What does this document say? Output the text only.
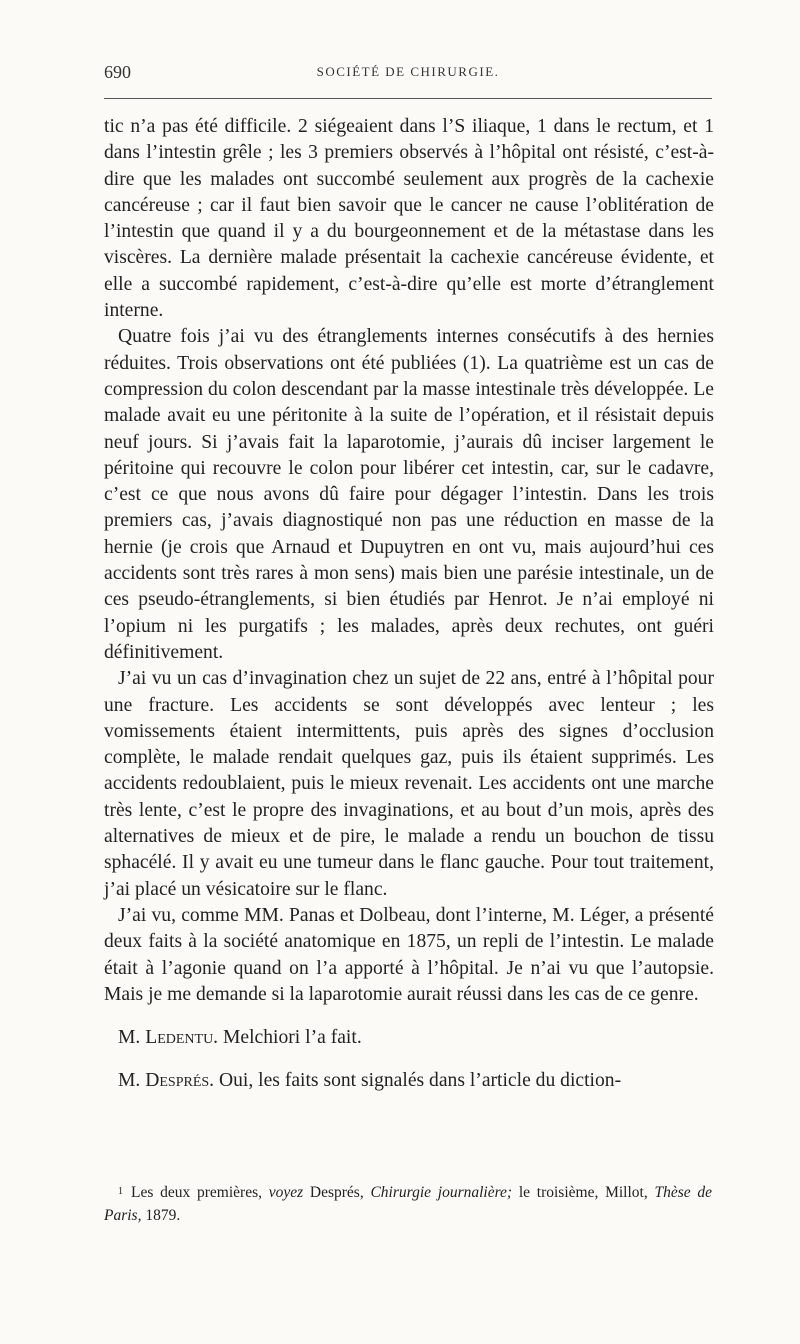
690	SOCIÉTÉ DE CHIRURGIE.

tic n’a pas été difficile. 2 siégeaient dans l’S iliaque, 1 dans le rectum, et 1 dans l’intestin grêle ; les 3 premiers observés à l’hôpital ont résisté, c’est-à-dire que les malades ont succombé seulement aux progrès de la cachexie cancéreuse ; car il faut bien savoir que le cancer ne cause l’oblitération de l’intestin que quand il y a du bourgeonnement et de la métastase dans les viscères. La dernière malade présentait la cachexie cancéreuse évidente, et elle a succombé rapidement, c’est-à-dire qu’elle est morte d’étranglement interne.

Quatre fois j’ai vu des étranglements internes consécutifs à des hernies réduites. Trois observations ont été publiées (1). La quatrième est un cas de compression du colon descendant par la masse intestinale très développée. Le malade avait eu une péritonite à la suite de l’opération, et il résistait depuis neuf jours. Si j’avais fait la laparotomie, j’aurais dû inciser largement le péritoine qui recouvre le colon pour libérer cet intestin, car, sur le cadavre, c’est ce que nous avons dû faire pour dégager l’intestin. Dans les trois premiers cas, j’avais diagnostiqué non pas une réduction en masse de la hernie (je crois que Arnaud et Dupuytren en ont vu, mais aujourd’hui ces accidents sont très rares à mon sens) mais bien une parésie intestinale, un de ces pseudo-étranglements, si bien étudiés par Henrot. Je n’ai employé ni l’opium ni les purgatifs ; les malades, après deux rechutes, ont guéri définitivement.

J’ai vu un cas d’invagination chez un sujet de 22 ans, entré à l’hôpital pour une fracture. Les accidents se sont développés avec lenteur ; les vomissements étaient intermittents, puis après des signes d’occlusion complète, le malade rendait quelques gaz, puis ils étaient supprimés. Les accidents redoublaient, puis le mieux revenait. Les accidents ont une marche très lente, c’est le propre des invaginations, et au bout d’un mois, après des alternatives de mieux et de pire, le malade a rendu un bouchon de tissu sphacélé. Il y avait eu une tumeur dans le flanc gauche. Pour tout traitement, j’ai placé un vésicatoire sur le flanc.

J’ai vu, comme MM. Panas et Dolbeau, dont l’interne, M. Léger, a présenté deux faits à la société anatomique en 1875, un repli de l’intestin. Le malade était à l’agonie quand on l’a apporté à l’hôpital. Je n’ai vu que l’autopsie. Mais je me demande si la laparotomie aurait réussi dans les cas de ce genre.

M. Ledentu. Melchiori l’a fait.

M. Després. Oui, les faits sont signalés dans l’article du diction-

1 Les deux premières, voyez Després, Chirurgie journalière; le troisième, Millot, Thèse de Paris, 1879.
